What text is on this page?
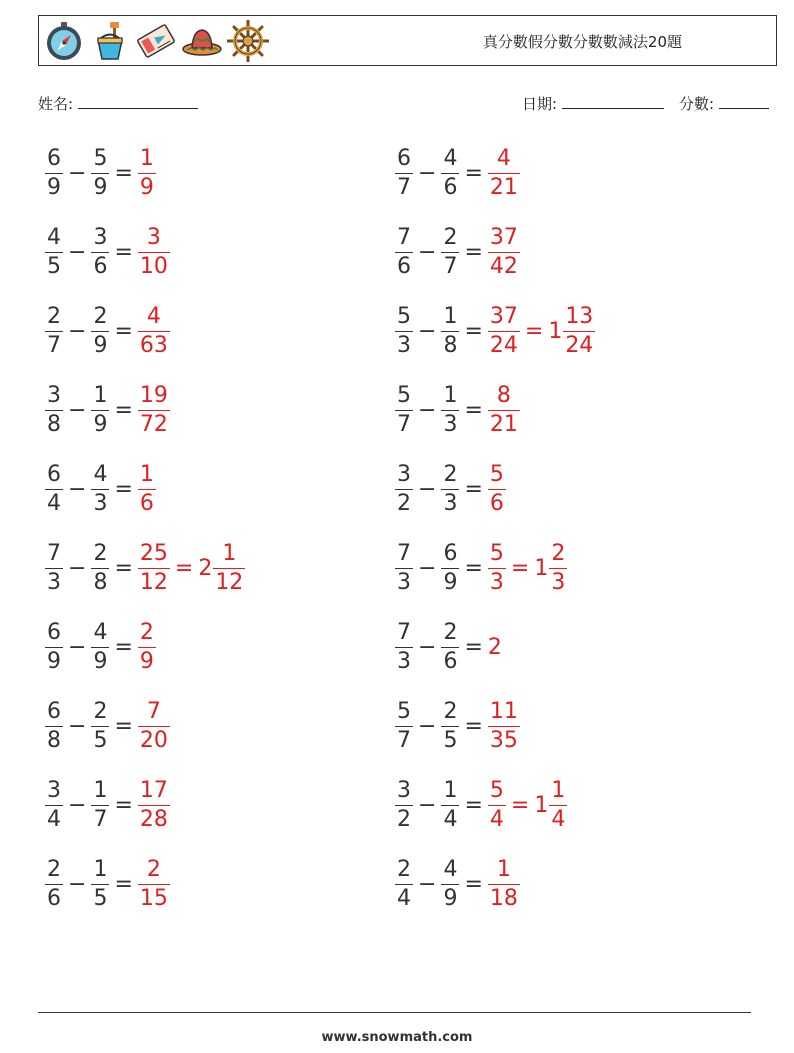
真分數假分數分數數減法20題
姓名:	日期:	分數:
$\frac{6}{9} - \frac{5}{9} = \frac{1}{9}$	$\frac{6}{7} - \frac{4}{6} = \frac{4}{21}$
$\frac{4}{5} - \frac{3}{6} = \frac{3}{10}$	$\frac{7}{6} - \frac{2}{7} = \frac{37}{42}$
$\frac{2}{7} - \frac{2}{9} = \frac{4}{63}$	$\frac{5}{3} - \frac{1}{8} = \frac{37}{24} = 1 \frac{13}{24}$
$\frac{3}{8} - \frac{1}{9} = \frac{19}{72}$	$\frac{5}{7} - \frac{1}{3} = \frac{8}{21}$
$\frac{6}{4} - \frac{4}{3} = \frac{1}{6}$	$\frac{3}{2} - \frac{2}{3} = \frac{5}{6}$
$\frac{7}{3} - \frac{2}{8} = \frac{25}{12} = 2 \frac{1}{12}$	$\frac{7}{3} - \frac{6}{9} = \frac{5}{3} = 1 \frac{2}{3}$
$\frac{6}{9} - \frac{4}{9} = \frac{2}{9}$	$\frac{7}{3} - \frac{2}{6} = 2$
$\frac{6}{8} - \frac{2}{5} = \frac{7}{20}$	$\frac{5}{7} - \frac{2}{5} = \frac{11}{35}$
$\frac{3}{4} - \frac{1}{7} = \frac{17}{28}$	$\frac{3}{2} - \frac{1}{4} = \frac{5}{4} = 1 \frac{1}{4}$
$\frac{2}{6} - \frac{1}{5} = \frac{2}{15}$	$\frac{2}{4} - \frac{4}{9} = \frac{1}{18}$
www.snowmath.com
